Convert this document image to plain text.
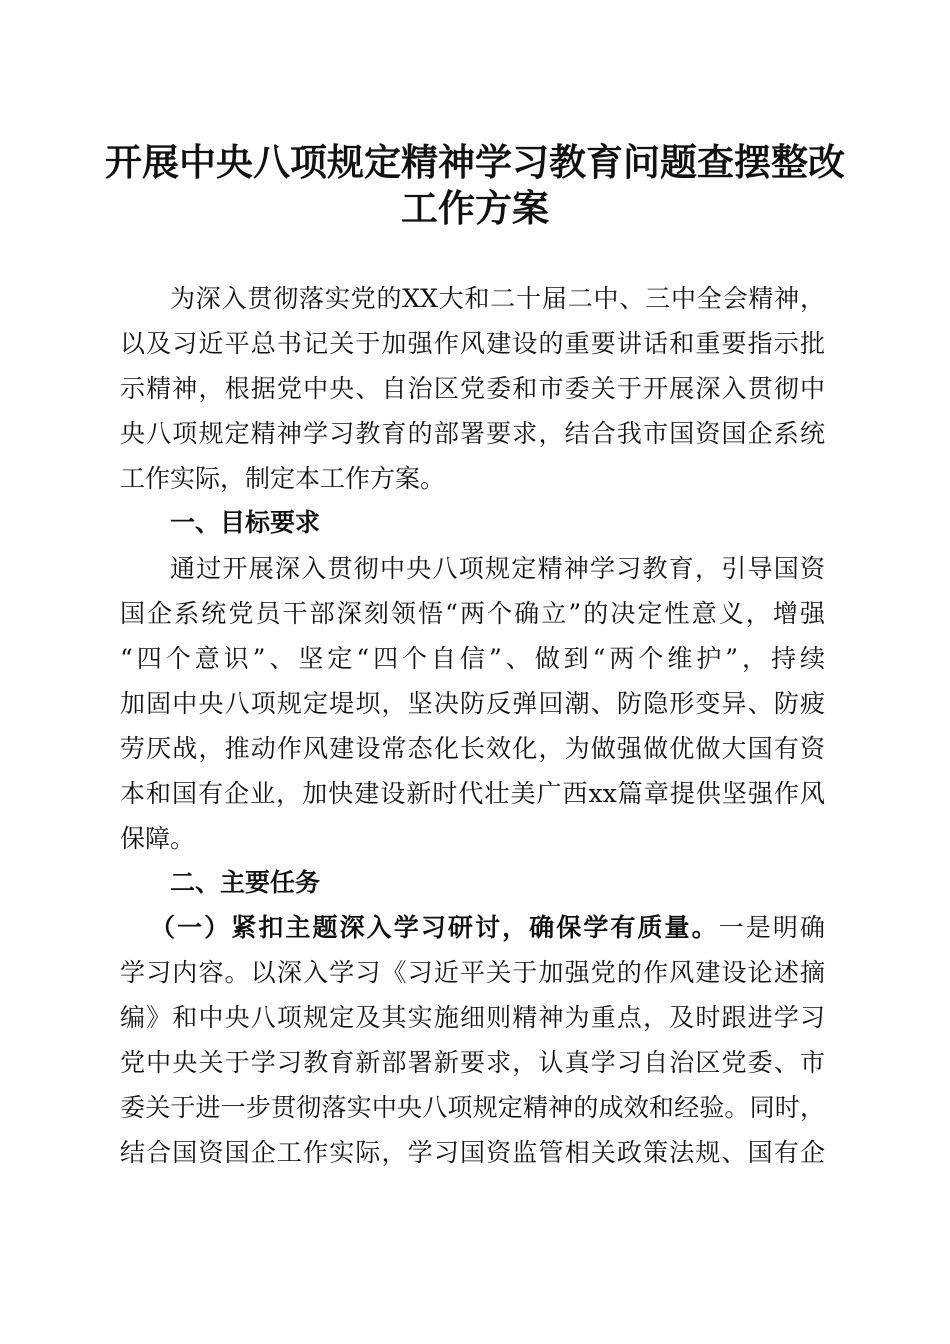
开展中央八项规定精神学习教育问题查摆整改
工作方案

为深入贯彻落实党的XX大和二十届二中、三中全会精神，

以及习近平总书记关于加强作风建设的重要讲话和重要指示批

示精神，根据党中央、自治区党委和市委关于开展深入贯彻中

央八项规定精神学习教育的部署要求，结合我市国资国企系统

工作实际，制定本工作方案。

一、目标要求

通过开展深入贯彻中央八项规定精神学习教育，引导国资

国企系统党员干部深刻领悟“两个确立”的决定性意义，增强

“四个意识”、坚定“四个自信”、做到“两个维护”，持续

加固中央八项规定堤坝，坚决防反弹回潮、防隐形变异、防疲

劳厌战，推动作风建设常态化长效化，为做强做优做大国有资

本和国有企业，加快建设新时代壮美广西xx篇章提供坚强作风

保障。

二、主要任务

（一）紧扣主题深入学习研讨，确保学有质量。一是明确

学习内容。以深入学习《习近平关于加强党的作风建设论述摘

编》和中央八项规定及其实施细则精神为重点，及时跟进学习

党中央关于学习教育新部署新要求，认真学习自治区党委、市

委关于进一步贯彻落实中央八项规定精神的成效和经验。同时，

结合国资国企工作实际，学习国资监管相关政策法规、国有企
